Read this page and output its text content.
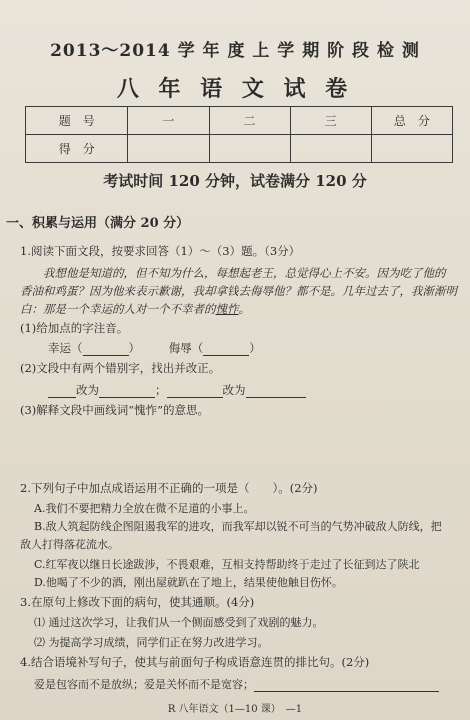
2013～2014 学 年 度 上 学 期 阶 段 检 测
八 年 语 文 试 卷
题　号	一	二	三	总　分
得　分				
考试时间 120 分钟，试卷满分 120 分
一、积累与运用（满分 20 分）
1.阅读下面文段，按要求回答（1）～（3）题。（3分）
我想他是知道的，但不知为什么，每想起老王，总觉得心上不安。因为吃了他的
香油和鸡蛋？因为他来表示歉谢，我却拿钱去侮辱他？都不是。几年过去了，我渐渐明
白：那是一个幸运的人对一个不幸者的愧怍。
(1)给加点的字注音。
幸运（	）　　　侮辱（	）
(2)文段中有两个错别字，找出并改正。
改为	；	改为
(3)解释文段中画线词“愧怍”的意思。
2.下列句子中加点成语运用不正确的一项是（　　）。(2分)
A.我们不要把精力全放在微不足道的小事上。
B.敌人筑起防线企图阻遏我军的进攻，而我军却以锐不可当的气势冲破敌人防线，把
敌人打得落花流水。
C.红军夜以继日长途跋涉，不畏艰难，互相支持帮助终于走过了长征到达了陕北
D.他喝了不少的酒，刚出屋就趴在了地上，结果使他触目伤怀。
3.在原句上修改下面的病句，使其通顺。(4分)
⑴ 通过这次学习，让我们从一个侧面感受到了戏剧的魅力。
⑵ 为提高学习成绩，同学们正在努力改进学习。
4.结合语境补写句子，使其与前面句子构成语意连贯的排比句。(2分)
爱是包容而不是放纵；爱是关怀而不是宽容；
R 八年语文（1—10 课）　—1
